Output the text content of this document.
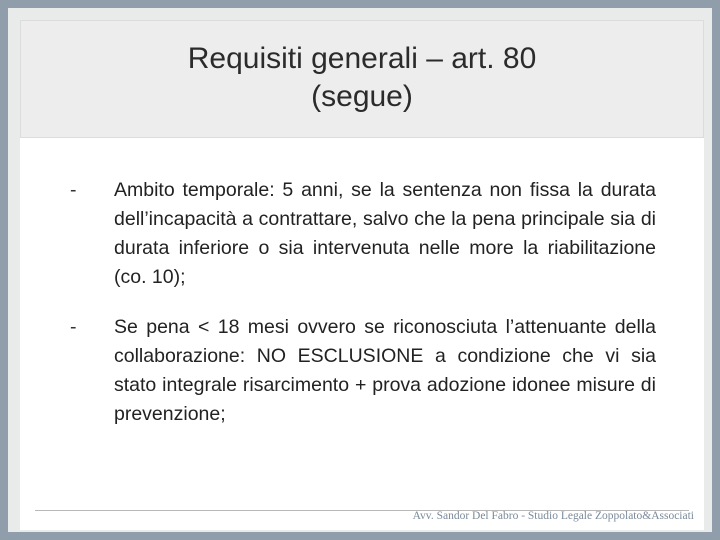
Requisiti generali – art. 80
(segue)
-	Ambito temporale: 5 anni, se la sentenza non fissa la durata dell’incapacità a contrattare, salvo che la pena principale sia di durata inferiore o sia intervenuta nelle more la riabilitazione (co. 10);
-	Se pena < 18 mesi ovvero se riconosciuta l’attenuante della collaborazione: NO ESCLUSIONE a condizione che vi sia stato integrale risarcimento + prova adozione idonee misure di prevenzione;
Avv. Sandor Del Fabro - Studio Legale Zoppolato&Associati
